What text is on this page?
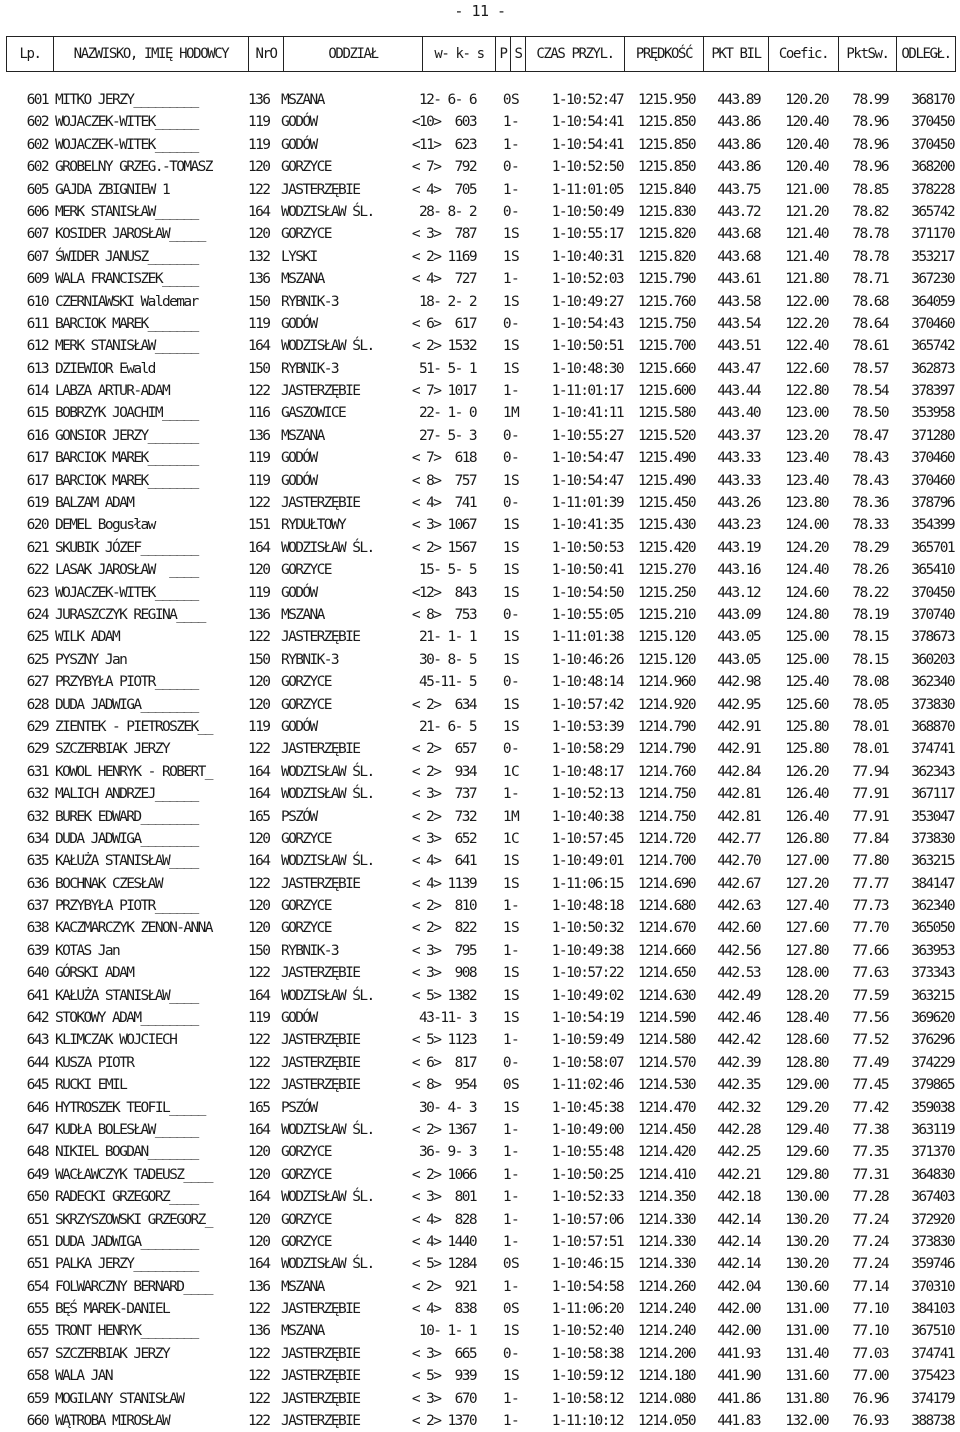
- 11 -
Lp.	NAZWISKO, IMIĘ HODOWCY	NrO	ODDZIAŁ	w- k- s	P S	CZAS PRZYL.	PRĘDKOŚĆ	PKT BIL	Coefic.	PktSw. ODLEGŁ.
601 MITKO JERZY_________	136 MSZANA	12- 6- 6	0 S	1-10:52:47	1215.950	443.89	120.20	78.99	368170
602 WOJACZEK-WITEK______	119 GODÓW	<10>  603	1 -	1-10:54:41	1215.850	443.86	120.40	78.96	370450
602 WOJACZEK-WITEK______	119 GODÓW	<11>  623	1 -	1-10:54:41	1215.850	443.86	120.40	78.96	370450
602 GROBELNY GRZEG.-TOMASZ 120 GORZYCE	< 7>  792	0 -	1-10:52:50	1215.850	443.86	120.40	78.96	368200
605 GAJDA ZBIGNIEW 1	122 JASTERZĘBIE	< 4>  705	1 -	1-11:01:05	1215.840	443.75	121.00	78.85	378228
606 MERK STANISŁAW______	164 WODZISŁAW ŚL.	28- 8- 2	0 -	1-10:50:49	1215.830	443.72	121.20	78.82	365742
607 KOSIDER JAROSŁAW_____	120 GORZYCE	< 3>  787	1 S	1-10:55:17	1215.820	443.68	121.40	78.78	371170
607 ŚWIDER JANUSZ_______	132 LYSKI	< 2> 1169	1 S	1-10:40:31	1215.820	443.68	121.40	78.78	353217
609 WALA FRANCISZEK_____	136 MSZANA	< 4>  727	1 -	1-10:52:03	1215.790	443.61	121.80	78.71	367230
610 CZERNIAWSKI Waldemar	150 RYBNIK-3	18- 2- 2	1 S	1-10:49:27	1215.760	443.58	122.00	78.68	364059
611 BARCIOK MAREK_______	119 GODÓW	< 6>  617	0 -	1-10:54:43	1215.750	443.54	122.20	78.64	370460
612 MERK STANISŁAW______	164 WODZISŁAW ŚL.	< 2> 1532	1 S	1-10:50:51	1215.700	443.51	122.40	78.61	365742
613 DZIEWIOR Ewald	150 RYBNIK-3	51- 5- 1	1 S	1-10:48:30	1215.660	443.47	122.60	78.57	362873
614 LABZA ARTUR-ADAM	122 JASTERZĘBIE	< 7> 1017	1 -	1-11:01:17	1215.600	443.44	122.80	78.54	378397
615 BOBRZYK JOACHIM_____	116 GASZOWICE	22- 1- 0	1 M	1-10:41:11	1215.580	443.40	123.00	78.50	353958
616 GONSIOR JERZY_______	136 MSZANA	27- 5- 3	0 -	1-10:55:27	1215.520	443.37	123.20	78.47	371280
617 BARCIOK MAREK_______	119 GODÓW	< 7>  618	0 -	1-10:54:47	1215.490	443.33	123.40	78.43	370460
617 BARCIOK MAREK_______	119 GODÓW	< 8>  757	1 S	1-10:54:47	1215.490	443.33	123.40	78.43	370460
619 BALZAM ADAM	122 JASTERZĘBIE	< 4>  741	0 -	1-11:01:39	1215.450	443.26	123.80	78.36	378796
620 DEMEL Bogusław	151 RYDUŁTOWY	< 3> 1067	1 S	1-10:41:35	1215.430	443.23	124.00	78.33	354399
621 SKUBIK JÓZEF________	164 WODZISŁAW ŚL.	< 2> 1567	1 S	1-10:50:53	1215.420	443.19	124.20	78.29	365701
622 LASAK JAROSŁAW  ____	120 GORZYCE	15- 5- 5	1 S	1-10:50:41	1215.270	443.16	124.40	78.26	365410
623 WOJACZEK-WITEK______	119 GODÓW	<12>  843	1 S	1-10:54:50	1215.250	443.12	124.60	78.22	370450
624 JURASZCZYK REGINA____	136 MSZANA	< 8>  753	0 -	1-10:55:05	1215.210	443.09	124.80	78.19	370740
625 WILK ADAM	122 JASTERZĘBIE	21- 1- 1	1 S	1-11:01:38	1215.120	443.05	125.00	78.15	378673
625 PYSZNY Jan	150 RYBNIK-3	30- 8- 5	1 S	1-10:46:26	1215.120	443.05	125.00	78.15	360203
627 PRZYBYŁA PIOTR______	120 GORZYCE	45-11- 5	0 -	1-10:48:14	1214.960	442.98	125.40	78.08	362340
628 DUDA JADWIGA________	120 GORZYCE	< 2>  634	1 S	1-10:57:42	1214.920	442.95	125.60	78.05	373830
629 ZIENTEK - PIETROSZEK__ 119 GODÓW	21- 6- 5	1 S	1-10:53:39	1214.790	442.91	125.80	78.01	368870
629 SZCZERBIAK JERZY	122 JASTERZĘBIE	< 2>  657	0 -	1-10:58:29	1214.790	442.91	125.80	78.01	374741
631 KOWOL HENRYK - ROBERT_ 164 WODZISŁAW ŚL.	< 2>  934	1 C	1-10:48:17	1214.760	442.84	126.20	77.94	362343
632 MALICH ANDRZEJ______	164 WODZISŁAW ŚL.	< 3>  737	1 -	1-10:52:13	1214.750	442.81	126.40	77.91	367117
632 BUREK EDWARD________	165 PSZÓW	< 2>  732	1 M	1-10:40:38	1214.750	442.81	126.40	77.91	353047
634 DUDA JADWIGA________	120 GORZYCE	< 3>  652	1 C	1-10:57:45	1214.720	442.77	126.80	77.84	373830
635 KAŁUŻA STANISŁAW____	164 WODZISŁAW ŚL.	< 4>  641	1 S	1-10:49:01	1214.700	442.70	127.00	77.80	363215
636 BOCHNAK CZESŁAW	122 JASTERZĘBIE	< 4> 1139	1 S	1-11:06:15	1214.690	442.67	127.20	77.77	384147
637 PRZYBYŁA PIOTR______	120 GORZYCE	< 2>  810	1 -	1-10:48:18	1214.680	442.63	127.40	77.73	362340
638 KACZMARCZYK ZENON-ANNA 120 GORZYCE	< 2>  822	1 S	1-10:50:32	1214.670	442.60	127.60	77.70	365050
639 KOTAS Jan	150 RYBNIK-3	< 3>  795	1 -	1-10:49:38	1214.660	442.56	127.80	77.66	363953
640 GÓRSKI ADAM	122 JASTERZĘBIE	< 3>  908	1 S	1-10:57:22	1214.650	442.53	128.00	77.63	373343
641 KAŁUŻA STANISŁAW____	164 WODZISŁAW ŚL.	< 5> 1382	1 S	1-10:49:02	1214.630	442.49	128.20	77.59	363215
642 STOKOWY ADAM________	119 GODÓW	43-11- 3	1 S	1-10:54:19	1214.590	442.46	128.40	77.56	369620
643 KLIMCZAK WOJCIECH	122 JASTERZĘBIE	< 5> 1123	1 -	1-10:59:49	1214.580	442.42	128.60	77.52	376296
644 KUSZA PIOTR	122 JASTERZĘBIE	< 6>  817	0 -	1-10:58:07	1214.570	442.39	128.80	77.49	374229
645 RUCKI EMIL	122 JASTERZĘBIE	< 8>  954	0 S	1-11:02:46	1214.530	442.35	129.00	77.45	379865
646 HYTROSZEK TEOFIL_____	165 PSZÓW	30- 4- 3	1 S	1-10:45:38	1214.470	442.32	129.20	77.42	359038
647 KUDŁA BOLESŁAW______	164 WODZISŁAW ŚL.	< 2> 1367	1 -	1-10:49:00	1214.450	442.28	129.40	77.38	363119
648 NIKIEL BOGDAN_______	120 GORZYCE	36- 9- 3	1 -	1-10:55:48	1214.420	442.25	129.60	77.35	371370
649 WACŁAWCZYK TADEUSZ____ 120 GORZYCE	< 2> 1066	1 -	1-10:50:25	1214.410	442.21	129.80	77.31	364830
650 RADECKI GRZEGORZ____	164 WODZISŁAW ŚL.	< 3>  801	1 -	1-10:52:33	1214.350	442.18	130.00	77.28	367403
651 SKRZYSZOWSKI GRZEGORZ_ 120 GORZYCE	< 4>  828	1 -	1-10:57:06	1214.330	442.14	130.20	77.24	372920
651 DUDA JADWIGA________	120 GORZYCE	< 4> 1440	1 -	1-10:57:51	1214.330	442.14	130.20	77.24	373830
651 PALKA JERZY_________	164 WODZISŁAW ŚL.	< 5> 1284	0 S	1-10:46:15	1214.330	442.14	130.20	77.24	359746
654 FOLWARCZNY BERNARD____ 136 MSZANA	< 2>  921	1 -	1-10:54:58	1214.260	442.04	130.60	77.14	370310
655 BĘŚ MAREK-DANIEL	122 JASTERZĘBIE	< 4>  838	0 S	1-11:06:20	1214.240	442.00	131.00	77.10	384103
655 TRONT HENRYK________	136 MSZANA	10- 1- 1	1 S	1-10:52:40	1214.240	442.00	131.00	77.10	367510
657 SZCZERBIAK JERZY	122 JASTERZĘBIE	< 3>  665	0 -	1-10:58:38	1214.200	441.93	131.40	77.03	374741
658 WALA JAN	122 JASTERZĘBIE	< 5>  939	1 S	1-10:59:12	1214.180	441.90	131.60	77.00	375423
659 MOGILANY STANISŁAW	122 JASTERZĘBIE	< 3>  670	1 -	1-10:58:12	1214.080	441.86	131.80	76.96	374179
660 WĄTROBA MIROSŁAW	122 JASTERZĘBIE	< 2> 1370	1 -	1-11:10:12	1214.050	441.83	132.00	76.93	388738
